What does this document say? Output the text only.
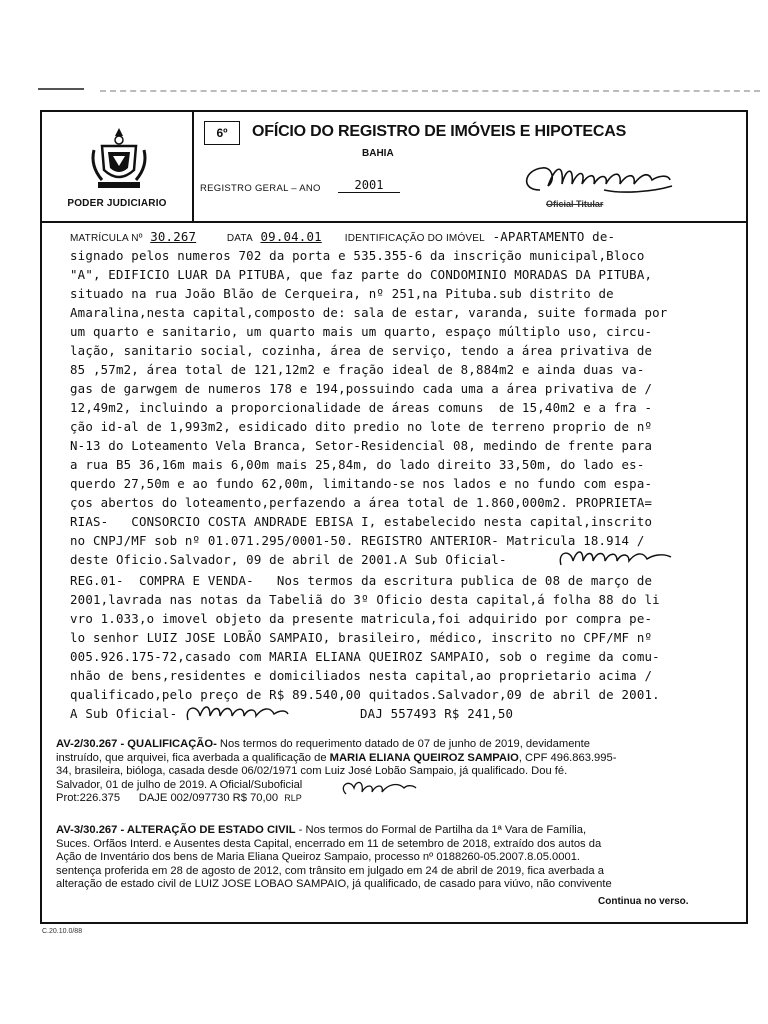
PODER JUDICIARIO
6º	OFÍCIO DO REGISTRO DE IMÓVEIS E HIPOTECAS
BAHIA
REGISTRO GERAL – ANO	2001
Oficial Titular
MATRÍCULA Nº 30.267	DATA 09.04.01 IDENTIFICAÇÃO DO IMÓVEL -APARTAMENTO de-
signado pelos numeros 702 da porta e 535.355-6 da inscrição municipal,Bloco
"A", EDIFICIO LUAR DA PITUBA, que faz parte do CONDOMINIO MORADAS DA PITUBA,
situado na rua João Blão de Cerqueira, nº 251,na Pituba.sub distrito de Amaralina,nesta capital,composto de: sala de estar, varanda, suite formada por
um quarto e sanitario, um quarto mais um quarto, espaço múltiplo uso, circu-
lação, sanitario social, cozinha, área de serviço, tendo a área privativa de
85 ,57m2, área total de 121,12m2 e fração ideal de 8,884m2 e ainda duas va-
gas de garwgem de numeros 178 e 194,possuindo cada uma a área privativa de /
12,49m2, incluindo a proporcionalidade de áreas comuns  de 15,40m2 e a fra -
ção id-al de 1,993m2, esidicado dito predio no lote de terreno proprio de nº
N-13 do Loteamento Vela Branca, Setor-Residencial 08, medindo de frente para
a rua B5 36,16m mais 6,00m mais 25,84m, do lado direito 33,50m, do lado es-
querdo 27,50m e ao fundo 62,00m, limitando-se nos lados e no fundo com espa-
ços abertos do loteamento,perfazendo a área total de 1.860,000m2. PROPRIETA=
RIAS-   CONSORCIO COSTA ANDRADE EBISA I, estabelecido nesta capital,inscrito
no CNPJ/MF sob nº 01.071.295/0001-50. REGISTRO ANTERIOR- Matricula 18.914 /
deste Oficio.Salvador, 09 de abril de 2001.A Sub Oficial-
REG.01-  COMPRA E VENDA-   Nos termos da escritura publica de 08 de março de
2001,lavrada nas notas da Tabeliã do 3º Oficio desta capital,á folha 88 do li
vro 1.033,o imovel objeto da presente matricula,foi adquirido por compra pe-
lo senhor LUIZ JOSE LOBÃO SAMPAIO, brasileiro, médico, inscrito no CPF/MF nº
005.926.175-72,casado com MARIA ELIANA QUEIROZ SAMPAIO, sob o regime da comu-
nhão de bens,residentes e domiciliados nesta capital,ao proprietario acima /
qualificado,pelo preço de R$ 89.540,00 quitados.Salvador,09 de abril de 2001.
A Sub Oficial-	DAJ 557493 R$ 241,50
AV-2/30.267 - QUALIFICAÇÃO- Nos termos do requerimento datado de 07 de junho de 2019, devidamente
instruído, que arquivei, fica averbada a qualificação de MARIA ELIANA QUEIROZ SAMPAIO, CPF 496.863.995-
34, brasileira, bióloga, casada desde 06/02/1971 com Luiz José Lobão Sampaio, já qualificado. Dou fé.
Salvador, 01 de julho de 2019. A Oficial/Suboficial
Prot:226.375 DAJE 002/097730 R$ 70,00 RLP
AV-3/30.267 - ALTERAÇÃO DE ESTADO CIVIL - Nos termos do Formal de Partilha da 1ª Vara de Família,
Suces. Orfãos Interd. e Ausentes desta Capital, encerrado em 11 de setembro de 2018, extraído dos autos da
Ação de Inventário dos bens de Maria Eliana Queiroz Sampaio, processo nº 0188260-05.2007.8.05.0001.
sentença proferida em 28 de agosto de 2012, com trânsito em julgado em 24 de abril de 2019, fica averbada a
alteração de estado civil de LUIZ JOSE LOBAO SAMPAIO, já qualificado, de casado para viúvo, não convivente
Continua no verso.
C.20.10.0/88
